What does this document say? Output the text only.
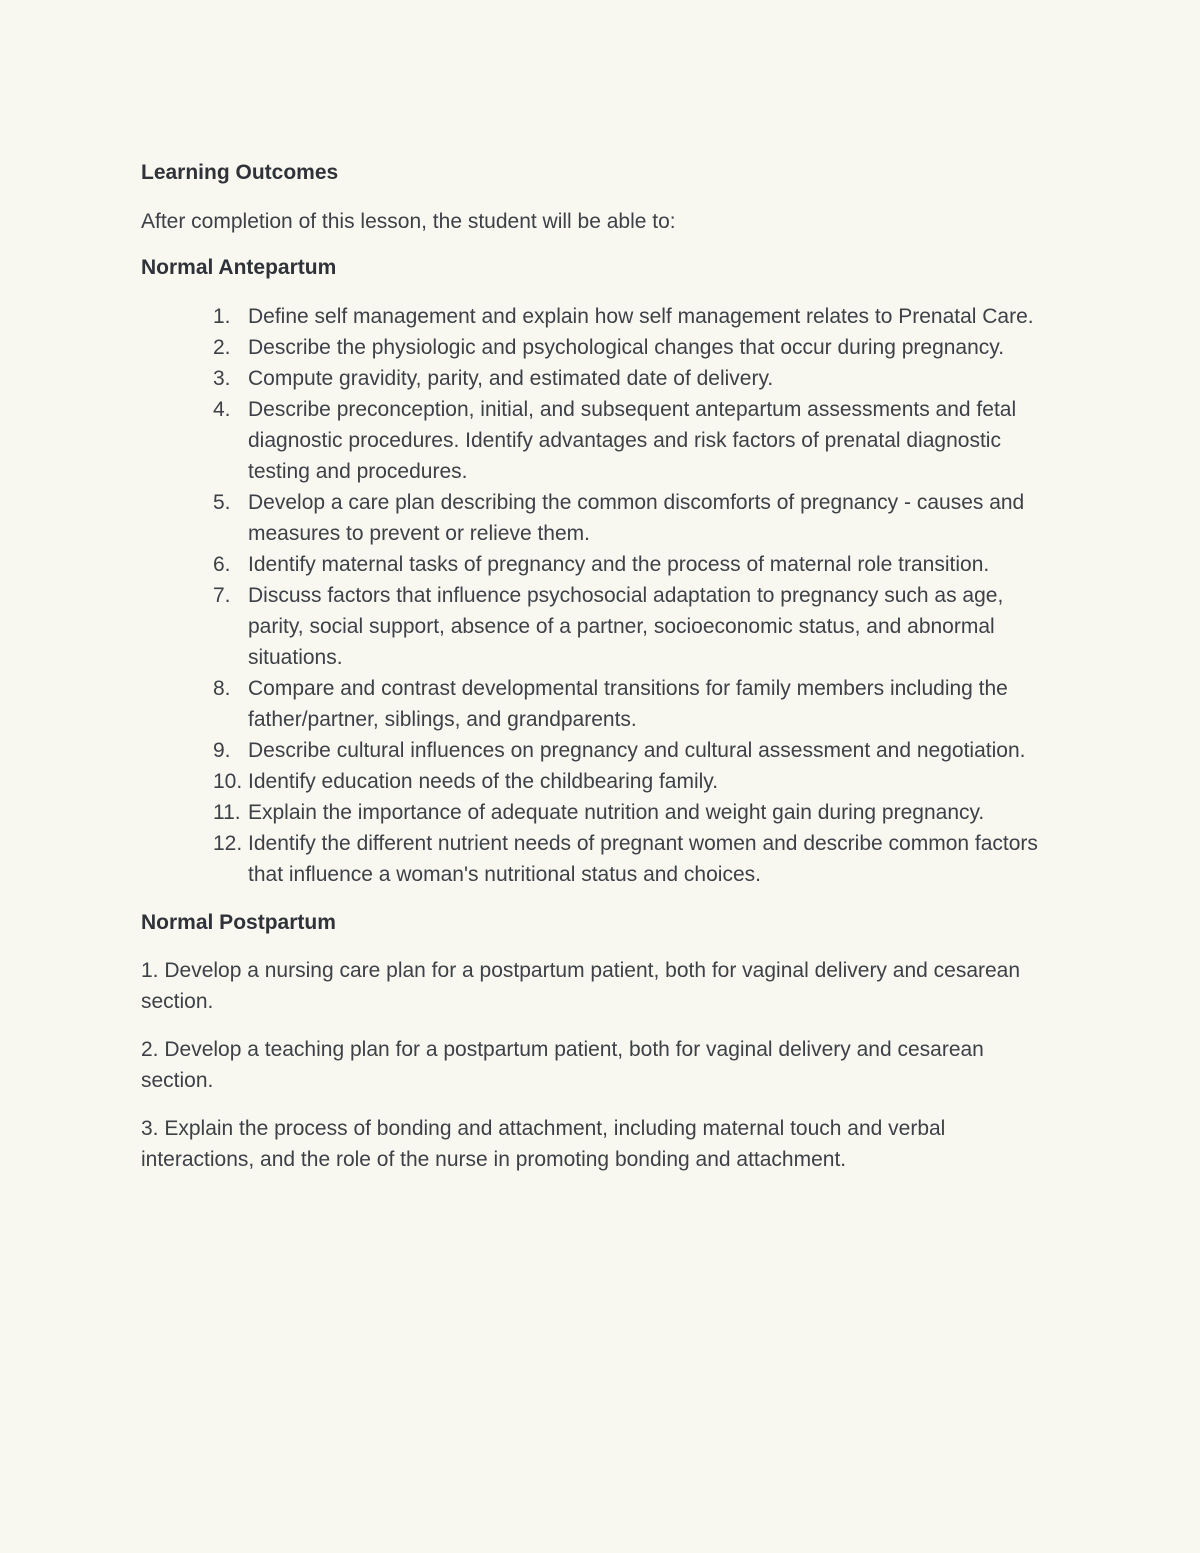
Learning Outcomes

After completion of this lesson, the student will be able to:

Normal Antepartum
1. Define self management and explain how self management relates to Prenatal Care.
2. Describe the physiologic and psychological changes that occur during pregnancy.
3. Compute gravidity, parity, and estimated date of delivery.
4. Describe preconception, initial, and subsequent antepartum assessments and fetal diagnostic procedures. Identify advantages and risk factors of prenatal diagnostic testing and procedures.
5. Develop a care plan describing the common discomforts of pregnancy - causes and measures to prevent or relieve them.
6. Identify maternal tasks of pregnancy and the process of maternal role transition.
7. Discuss factors that influence psychosocial adaptation to pregnancy such as age, parity, social support, absence of a partner, socioeconomic status, and abnormal situations.
8. Compare and contrast developmental transitions for family members including the father/partner, siblings, and grandparents.
9. Describe cultural influences on pregnancy and cultural assessment and negotiation.
10. Identify education needs of the childbearing family.
11. Explain the importance of adequate nutrition and weight gain during pregnancy.
12. Identify the different nutrient needs of pregnant women and describe common factors that influence a woman's nutritional status and choices.
Normal Postpartum

1. Develop a nursing care plan for a postpartum patient, both for vaginal delivery and cesarean section.

2. Develop a teaching plan for a postpartum patient, both for vaginal delivery and cesarean section.

3. Explain the process of bonding and attachment, including maternal touch and verbal interactions, and the role of the nurse in promoting bonding and attachment.
